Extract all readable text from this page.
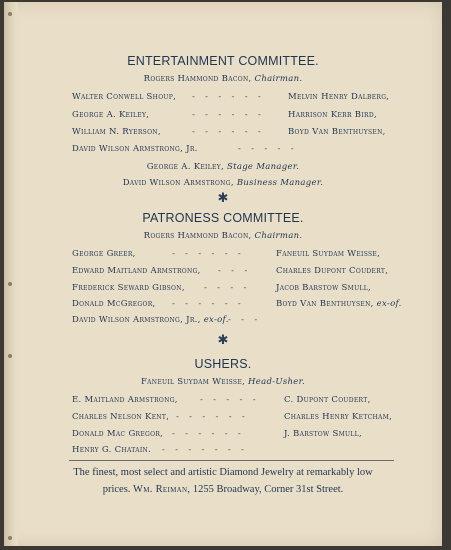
ENTERTAINMENT COMMITTEE.
Rogers Hammond Bacon, Chairman.
Walter Conwell Shoup, - - - - - -	Melvin Henry Dalberg,
George A. Keiley,	- - - - - -	Harrison Kerr Bird,
William N. Ryerson,	- - - - - -	Boyd Van Benthuysen,
David Wilson Armstrong, Jr.	- - - - -
George A. Keiley, Stage Manager.
David Wilson Armstrong, Business Manager.
✱
PATRONESS COMMITTEE.
Rogers Hammond Bacon, Chairman.
George Greer,	- - - - - -	Faneuil Suydam Weisse,
Edward Maitland Armstrong, - - -	Charles Dupont Coudert,
Frederick Seward Gibson, - - - -	Jacob Barstow Smull,
Donald McGregor, - - - - - -	Boyd Van Benthuysen, ex-of.
David Wilson Armstrong, Jr., ex-of. - - -
✱
USHERS.
Faneuil Suydam Weisse, Head-Usher.
E. Maitland Armstrong,	- - - - -	C. Dupont Coudert,
Charles Nelson Kent, - - - - - -	Charles Henry Ketcham,
Donald Mac Gregor, - - - - - -	J. Barstow Smull,
Henry G. Chatain. - - - - - - -
The finest, most select and artistic Diamond Jewelry at remarkably low
prices. Wm. Reiman, 1255 Broadway, Corner 31st Street.
